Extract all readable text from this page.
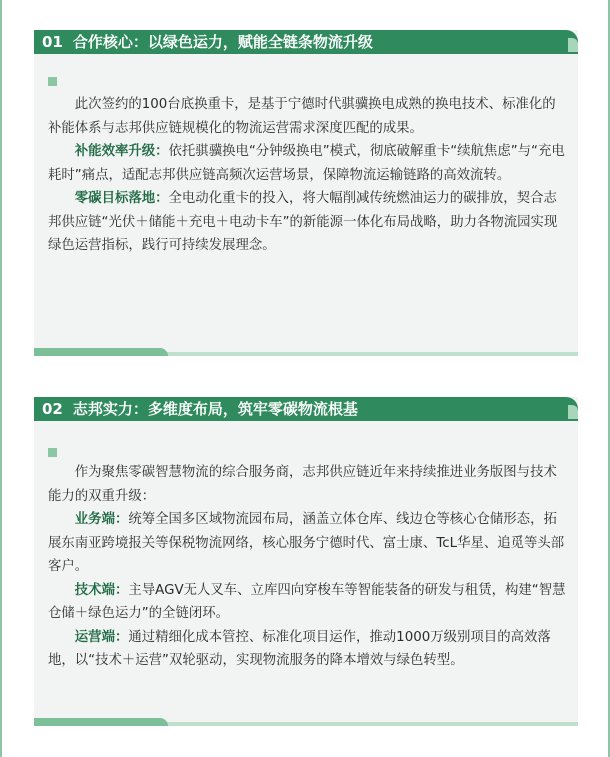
01 合作核心：以绿色运力，赋能全链条物流升级

此次签约的100台底换重卡，是基于宁德时代骐骥换电成熟的换电技术、标准化的补能体系与志邦供应链规模化的物流运营需求深度匹配的成果。

补能效率升级：依托骐骥换电“分钟级换电”模式，彻底破解重卡“续航焦虑”与“充电耗时”痛点，适配志邦供应链高频次运营场景，保障物流运输链路的高效流转。

零碳目标落地：全电动化重卡的投入，将大幅削减传统燃油运力的碳排放，契合志邦供应链“光伏＋储能＋充电＋电动卡车”的新能源一体化布局战略，助力各物流园实现绿色运营指标，践行可持续发展理念。

02 志邦实力：多维度布局，筑牢零碳物流根基

作为聚焦零碳智慧物流的综合服务商，志邦供应链近年来持续推进业务版图与技术能力的双重升级：

业务端：统筹全国多区域物流园布局，涵盖立体仓库、线边仓等核心仓储形态，拓展东南亚跨境报关等保税物流网络，核心服务宁德时代、富士康、TcL华星、追觅等头部客户。

技术端：主导AGV无人叉车、立库四向穿梭车等智能装备的研发与租赁，构建“智慧仓储＋绿色运力”的全链闭环。

运营端：通过精细化成本管控、标准化项目运作，推动1000万级别项目的高效落地，以“技术＋运营”双轮驱动，实现物流服务的降本增效与绿色转型。
